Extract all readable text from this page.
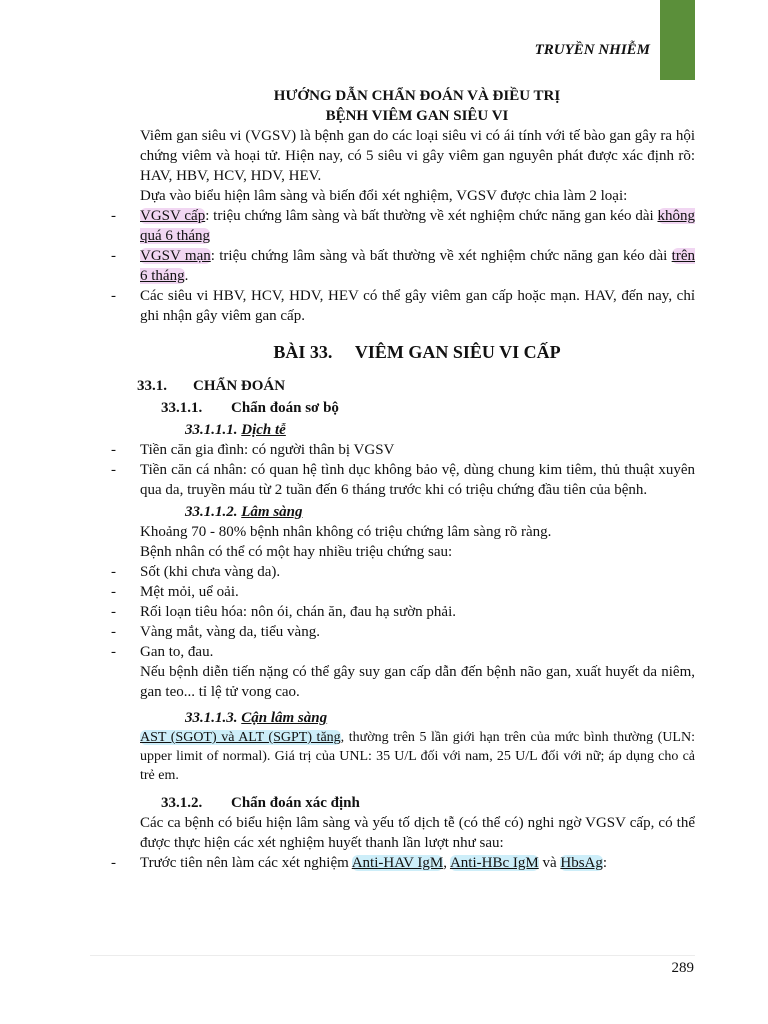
TRUYỀN NHIỄM
HƯỚNG DẪN CHẨN ĐOÁN VÀ ĐIỀU TRỊ
BỆNH VIÊM GAN SIÊU VI
Viêm gan siêu vi (VGSV) là bệnh gan do các loại siêu vi có ái tính với tế bào gan gây ra hội chứng viêm và hoại tử. Hiện nay, có 5 siêu vi gây viêm gan nguyên phát được xác định rõ: HAV, HBV, HCV, HDV, HEV.
Dựa vào biểu hiện lâm sàng và biến đổi xét nghiệm, VGSV được chia làm 2 loại:
- VGSV cấp: triệu chứng lâm sàng và bất thường về xét nghiệm chức năng gan kéo dài không quá 6 tháng
- VGSV mạn: triệu chứng lâm sàng và bất thường về xét nghiệm chức năng gan kéo dài trên 6 tháng.
- Các siêu vi HBV, HCV, HDV, HEV có thể gây viêm gan cấp hoặc mạn. HAV, đến nay, chỉ ghi nhận gây viêm gan cấp.
BÀI 33. VIÊM GAN SIÊU VI CẤP
33.1. CHẨN ĐOÁN
33.1.1. Chẩn đoán sơ bộ
33.1.1.1. Dịch tễ
- Tiền căn gia đình: có người thân bị VGSV
- Tiền căn cá nhân: có quan hệ tình dục không bảo vệ, dùng chung kim tiêm, thủ thuật xuyên qua da, truyền máu từ 2 tuần đến 6 tháng trước khi có triệu chứng đầu tiên của bệnh.
33.1.1.2. Lâm sàng
Khoảng 70 - 80% bệnh nhân không có triệu chứng lâm sàng rõ ràng.
Bệnh nhân có thể có một hay nhiều triệu chứng sau:
- Sốt (khi chưa vàng da).
- Mệt mỏi, uể oải.
- Rối loạn tiêu hóa: nôn ói, chán ăn, đau hạ sườn phải.
- Vàng mắt, vàng da, tiểu vàng.
- Gan to, đau.
Nếu bệnh diễn tiến nặng có thể gây suy gan cấp dẫn đến bệnh não gan, xuất huyết da niêm, gan teo... tỉ lệ tử vong cao.
33.1.1.3. Cận lâm sàng
AST (SGOT) và ALT (SGPT) tăng, thường trên 5 lần giới hạn trên của mức bình thường (ULN: upper limit of normal). Giá trị của UNL: 35 U/L đối với nam, 25 U/L đối với nữ; áp dụng cho cả trẻ em.
33.1.2. Chẩn đoán xác định
Các ca bệnh có biểu hiện lâm sàng và yếu tố dịch tễ (có thể có) nghi ngờ VGSV cấp, có thể được thực hiện các xét nghiệm huyết thanh lần lượt như sau:
- Trước tiên nên làm các xét nghiệm Anti-HAV IgM, Anti-HBc IgM và HbsAg:
289
